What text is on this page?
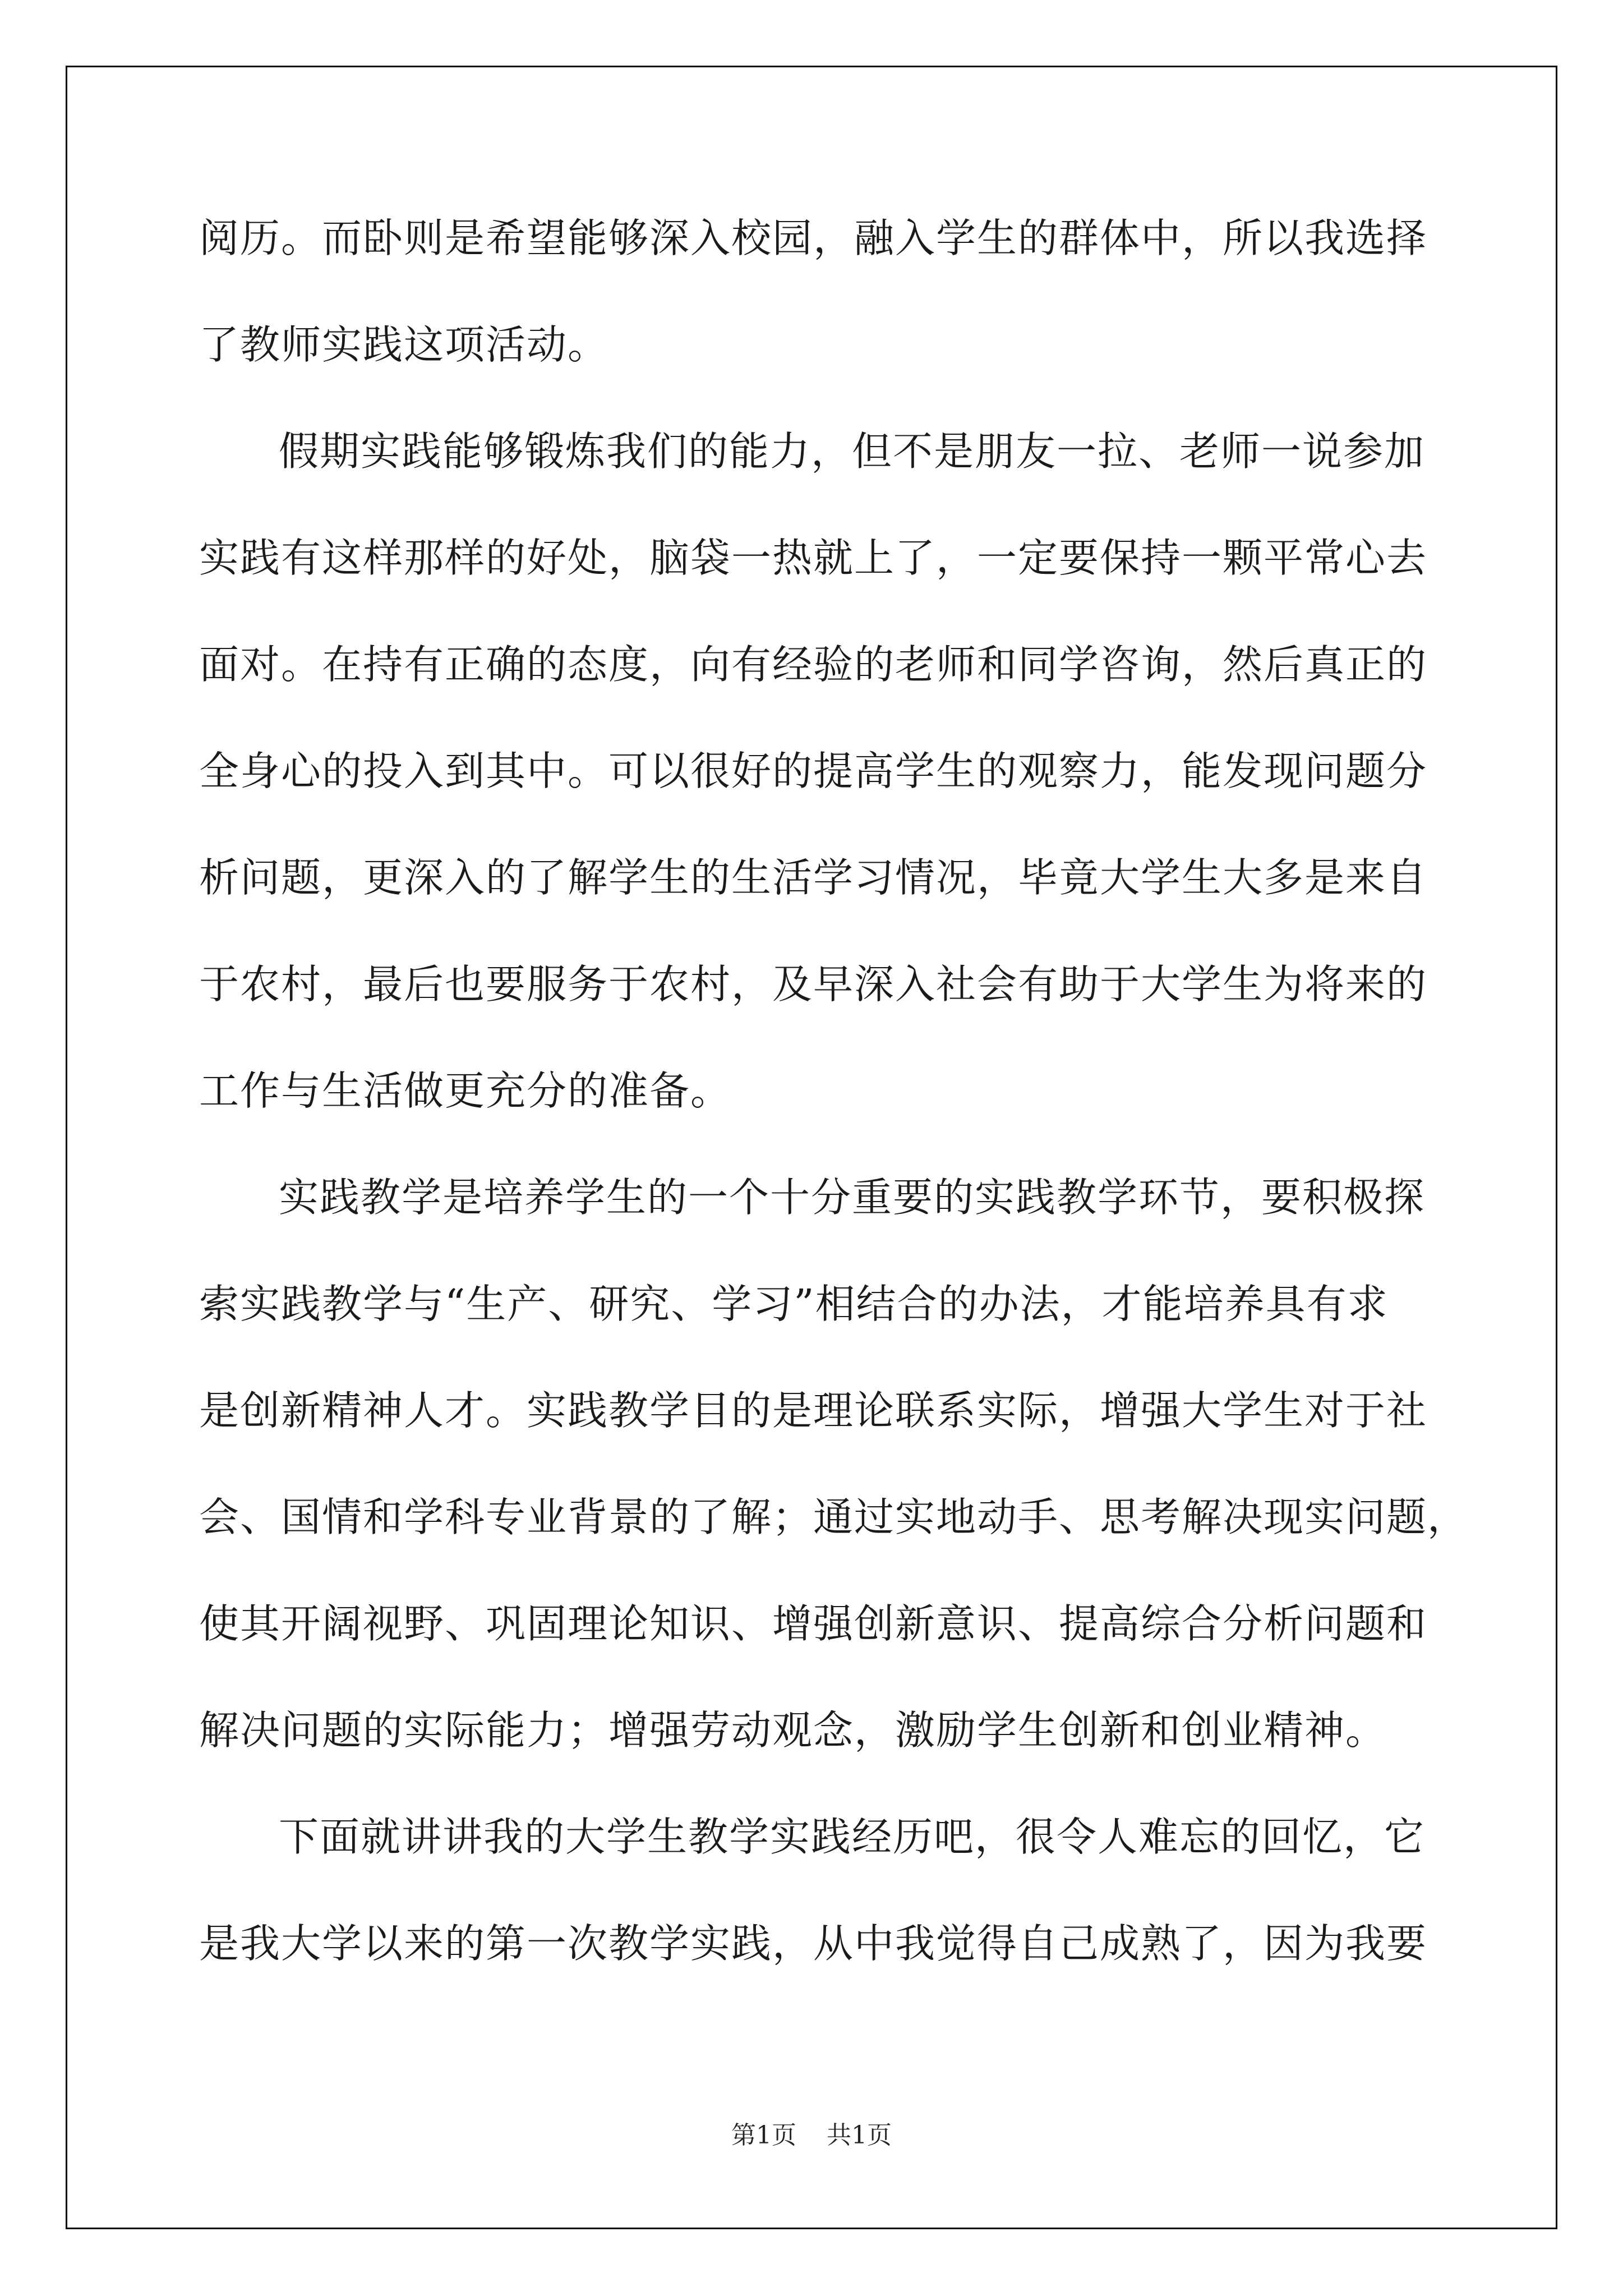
阅历。而卧则是希望能够深入校园，融入学生的群体中，所以我选择
了教师实践这项活动。
假期实践能够锻炼我们的能力，但不是朋友一拉、老师一说参加
实践有这样那样的好处，脑袋一热就上了，一定要保持一颗平常心去
面对。在持有正确的态度，向有经验的老师和同学咨询，然后真正的
全身心的投入到其中。可以很好的提高学生的观察力，能发现问题分
析问题，更深入的了解学生的生活学习情况，毕竟大学生大多是来自
于农村，最后也要服务于农村，及早深入社会有助于大学生为将来的
工作与生活做更充分的准备。
实践教学是培养学生的一个十分重要的实践教学环节，要积极探
索实践教学与“生产、研究、学习”相结合的办法，才能培养具有求
是创新精神人才。实践教学目的是理论联系实际，增强大学生对于社
会、国情和学科专业背景的了解；通过实地动手、思考解决现实问题，
使其开阔视野、巩固理论知识、增强创新意识、提高综合分析问题和
解决问题的实际能力；增强劳动观念，激励学生创新和创业精神。
下面就讲讲我的大学生教学实践经历吧，很令人难忘的回忆，它
是我大学以来的第一次教学实践，从中我觉得自己成熟了，因为我要
第1页 共1页
